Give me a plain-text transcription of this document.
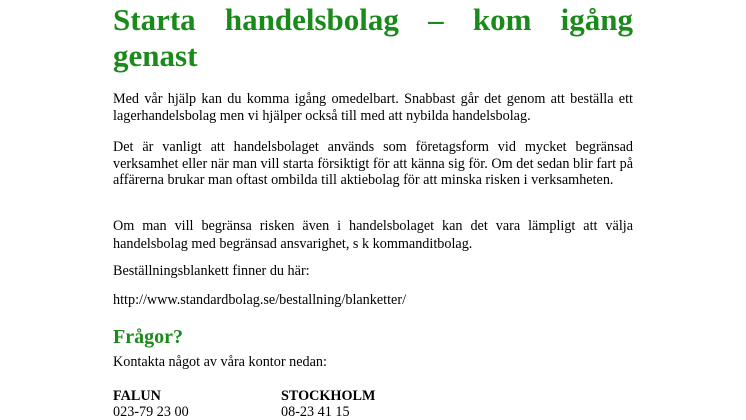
Starta handelsbolag – kom igång genast

Med vår hjälp kan du komma igång omedelbart. Snabbast går det genom att beställa ett lagerhandelsbolag men vi hjälper också till med att nybilda handelsbolag.

Det är vanligt att handelsbolaget används som företagsform vid mycket begränsad verksamhet eller när man vill starta försiktigt för att känna sig för. Om det sedan blir fart på affärerna brukar man oftast ombilda till aktiebolag för att minska risken i verksamheten.

Om man vill begränsa risken även i handelsbolaget kan det vara lämpligt att välja handelsbolag med begränsad ansvarighet, s k kommanditbolag.

Beställningsblankett finner du här:

http://www.standardbolag.se/bestallning/blanketter/

Frågor?

Kontakta något av våra kontor nedan:

FALUN
023-79 23 00
STOCKHOLM
08-23 41 15
